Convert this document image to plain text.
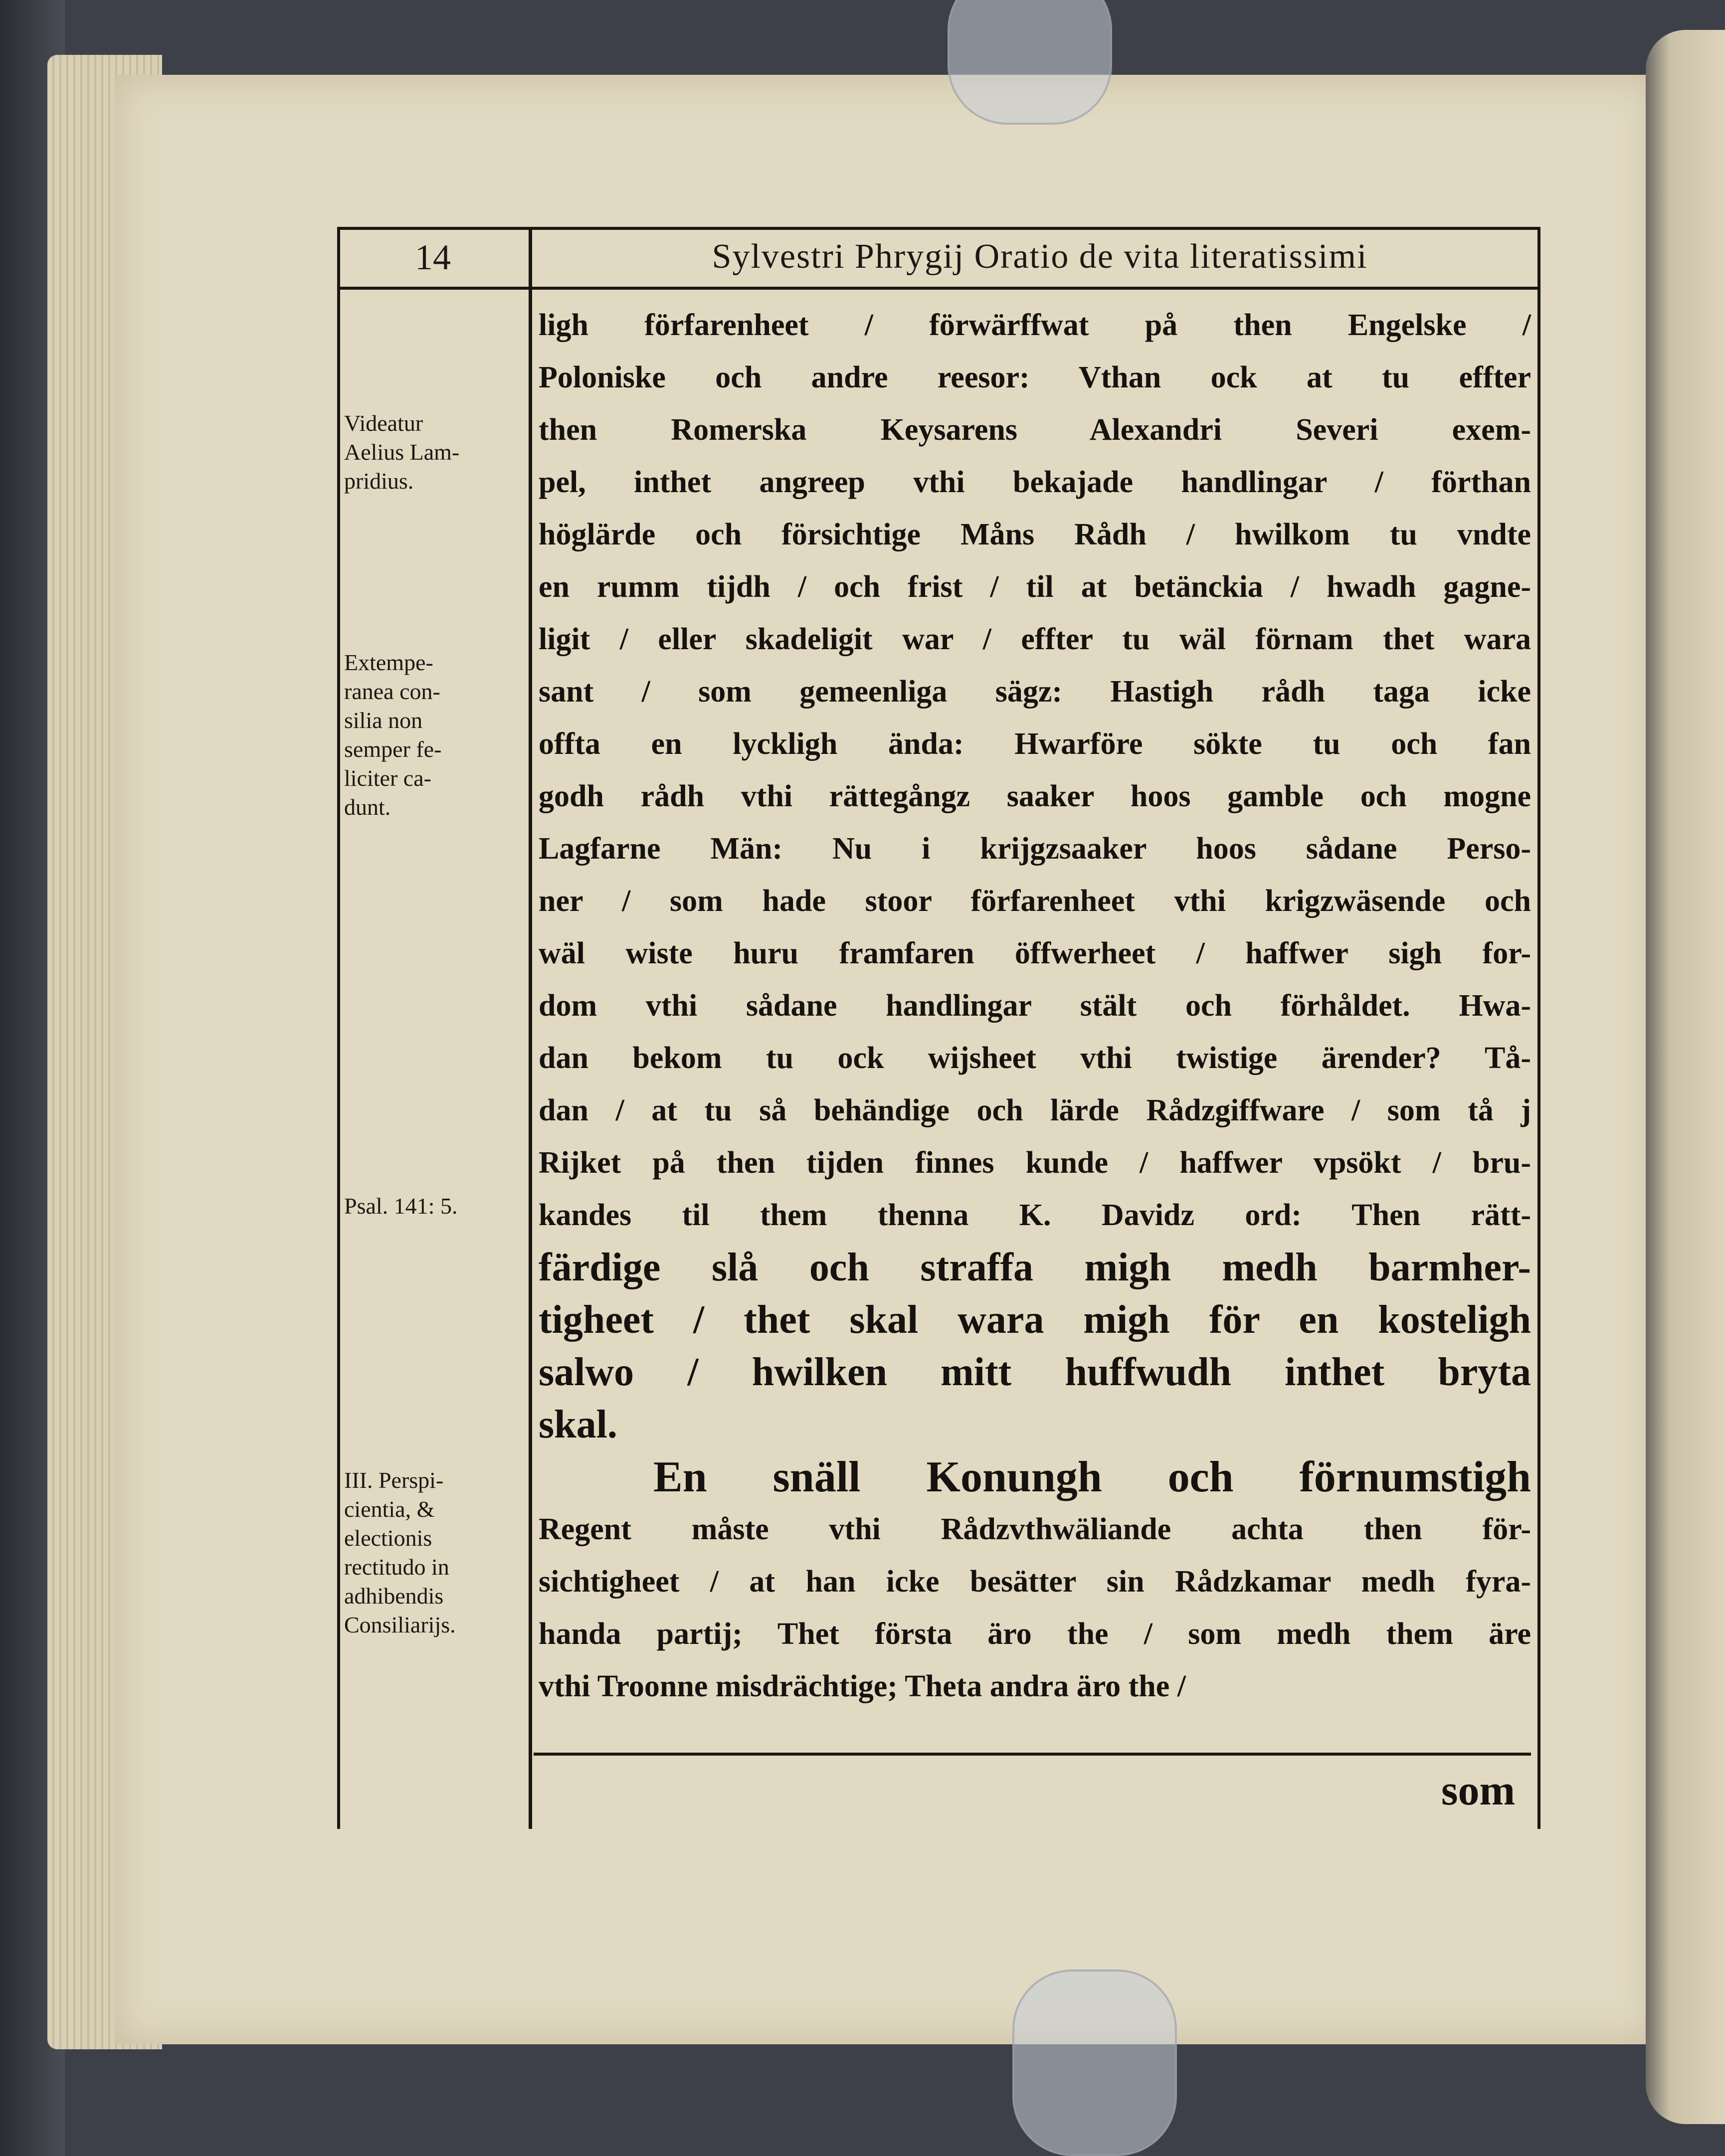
14	Sylvestri Phrygij Oratio de vita literatissimi
ligh förfarenheet / förwärffwat på then Engelske /
Poloniske och andre reesor: Vthan ock at tu effter
then Romerska Keysarens Alexandri Severi exem-
pel, inthet angreep vthi bekajade handlingar / förthan
höglärde och försichtige Måns Rådh / hwilkom tu vndte
en rumm tijdh / och frist / til at betänckia / hwadh gagne-
ligit / eller skadeligit war / effter tu wäl förnam thet wara
sant / som gemeenliga sägz: Hastigh rådh taga icke
offta en lyckligh ända: Hwarföre sökte tu och fan
godh rådh vthi rättegångz saaker hoos gamble och mogne
Lagfarne Män: Nu i krijgzsaaker hoos sådane Perso-
ner / som hade stoor förfarenheet vthi krigzwäsende och
wäl wiste huru framfaren öffwerheet / haffwer sigh for-
dom vthi sådane handlingar stält och förhåldet. Hwa-
dan bekom tu ock wijsheet vthi twistige ärender? Tå-
dan / at tu så behändige och lärde Rådzgiffware / som tå j
Rijket på then tijden finnes kunde / haffwer vpsökt / bru-
kandes til them thenna K. Davidz ord: Then rätt-
färdige slå och straffa migh medh barmher-
tigheet / thet skal wara migh för en kosteligh
salwo / hwilken mitt huffwudh inthet bryta
skal.
En snäll Konungh och förnumstigh
Regent måste vthi Rådzvthwäliande achta then för-
sichtigheet / at han icke besätter sin Rådzkamar medh fyra-
handa partij; Thet första äro the / som medh them äre
vthi Troonne misdrächtige; Theta andra äro the /
Videatur
Aelius Lam-
pridius.
Extempe-
ranea con-
silia non
semper fe-
liciter ca-
dunt.
Psal. 141: 5.
III. Perspi-
cientia, &
electionis
rectitudo in
adhibendis
Consiliarijs.
som
